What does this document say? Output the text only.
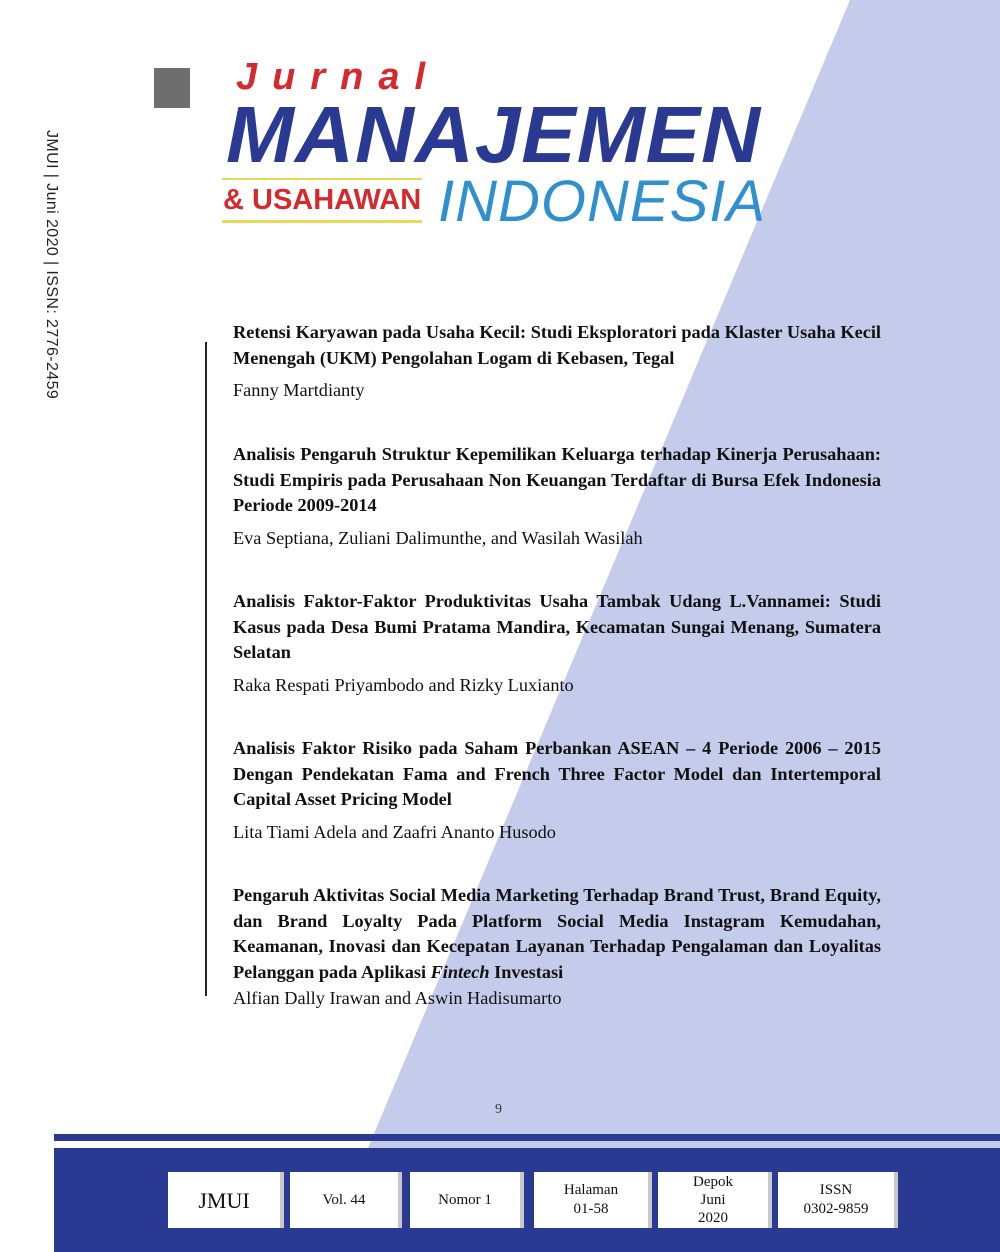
JMUI | Juni 2020 | ISSN: 2776-2459
Jurnal
MANAJEMEN
& USAHAWAN INDONESIA

Retensi Karyawan pada Usaha Kecil: Studi Eksploratori pada Klaster Usaha Kecil Menengah (UKM) Pengolahan Logam di Kebasen, Tegal

Fanny Martdianty

Analisis Pengaruh Struktur Kepemilikan Keluarga terhadap Kinerja Perusahaan: Studi Empiris pada Perusahaan Non Keuangan Terdaftar di Bursa Efek Indonesia Periode 2009-2014

Eva Septiana, Zuliani Dalimunthe, and Wasilah Wasilah

Analisis Faktor-Faktor Produktivitas Usaha Tambak Udang L.Vannamei: Studi Kasus pada Desa Bumi Pratama Mandira, Kecamatan Sungai Menang, Sumatera Selatan

Raka Respati Priyambodo and Rizky Luxianto

Analisis Faktor Risiko pada Saham Perbankan ASEAN – 4 Periode 2006 – 2015 Dengan Pendekatan Fama and French Three Factor Model dan Intertemporal Capital Asset Pricing Model

Lita Tiami Adela and Zaafri Ananto Husodo

Pengaruh Aktivitas Social Media Marketing Terhadap Brand Trust, Brand Equity, dan Brand Loyalty Pada Platform Social Media Instagram Kemudahan, Keamanan, Inovasi dan Kecepatan Layanan Terhadap Pengalaman dan Loyalitas Pelanggan pada Aplikasi Fintech Investasi

Alfian Dally Irawan and Aswin Hadisumarto

9
JMUI	Vol. 44	Nomor 1
Halaman
01-58
Depok
Juni
2020
ISSN
0302-9859
